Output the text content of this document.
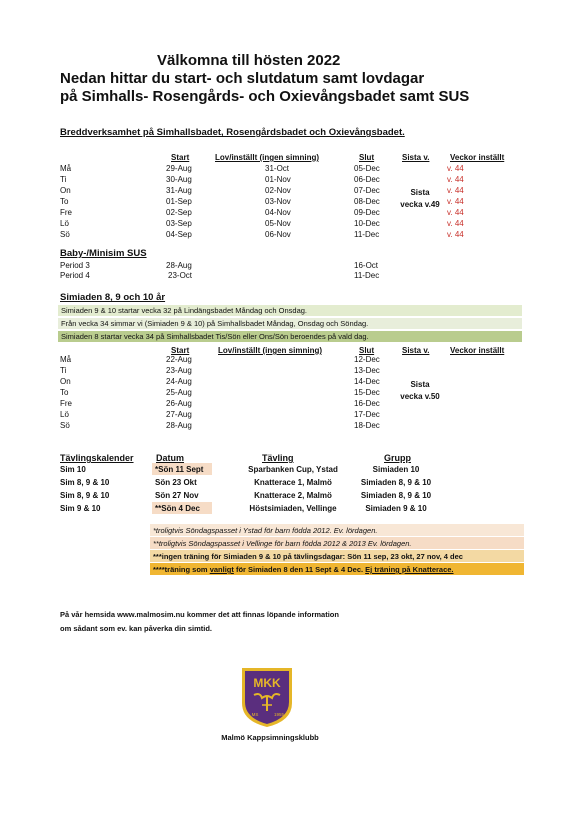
Välkomna till hösten 2022
Nedan hittar du start- och slutdatum samt lovdagar
på Simhalls- Rosengårds- och Oxievångsbadet samt SUS
Breddverksamhet på Simhallsbadet, Rosengårdsbadet och Oxievångsbadet.
Start	Lov/inställt (ingen simning)	Slut	Sista v.	Veckor inställt
Må	29-Aug	31-Oct	05-Dec	v. 44
Ti	30-Aug	01-Nov	06-Dec	v. 44
On	31-Aug	02-Nov	07-Dec	v. 44
To	01-Sep	03-Nov	08-Dec	v. 44
Fre	02-Sep	04-Nov	09-Dec	v. 44
Lö	03-Sep	05-Nov	10-Dec	v. 44
Sö	04-Sep	06-Nov	11-Dec	v. 44
Sista
vecka v.49
Baby-/Minisim SUS
Period 3	28-Aug	16-Oct
Period 4	23-Oct	11-Dec
Simiaden 8, 9 och 10 år
Simiaden 9 & 10 startar vecka 32 på Lindängsbadet Måndag och Onsdag.
Från vecka 34 simmar vi (Simiaden 9 & 10) på Simhallsbadet Måndag, Onsdag och Söndag.
Simiaden 8 startar vecka 34 på Simhallsbadet Tis/Sön eller Ons/Sön beroendes på vald dag.
Start	Lov/inställt (ingen simning)	Slut	Sista v.	Veckor inställt
Må	22-Aug	12-Dec
Ti	23-Aug	13-Dec
On	24-Aug	14-Dec
To	25-Aug	15-Dec
Fre	26-Aug	16-Dec
Lö	27-Aug	17-Dec
Sö	28-Aug	18-Dec
Sista
vecka v.50
Tävlingskalender Datum	Tävling	Grupp
Sim 10	*Sön 11 Sept	Sparbanken Cup, Ystad	Simiaden 10
Sim 8, 9 & 10	Sön 23 Okt	Knatterace 1, Malmö	Simiaden 8, 9 & 10
Sim 8, 9 & 10	Sön 27 Nov	Knatterace 2, Malmö	Simiaden 8, 9 & 10
Sim 9 & 10	**Sön 4 Dec	Höstsimiaden, Vellinge	Simiaden 9 & 10
*troligtvis Söndagspasset i Ystad för barn födda 2012. Ev. lördagen.
**troligtvis Söndagspasset i Vellinge för barn födda 2012 & 2013 Ev. lördagen.
***ingen träning för Simiaden 9 & 10 på tävlingsdagar: Sön 11 sep, 23 okt, 27 nov, 4 dec
****träning som vanligt för Simiaden 8 den 11 Sept & 4 Dec. Ej träning på Knatterace.
På vår hemsida www.malmosim.nu kommer det att finnas löpande information
om sådant som ev. kan påverka din simtid.
MKK
MS	1955
Malmö Kappsimningsklubb
